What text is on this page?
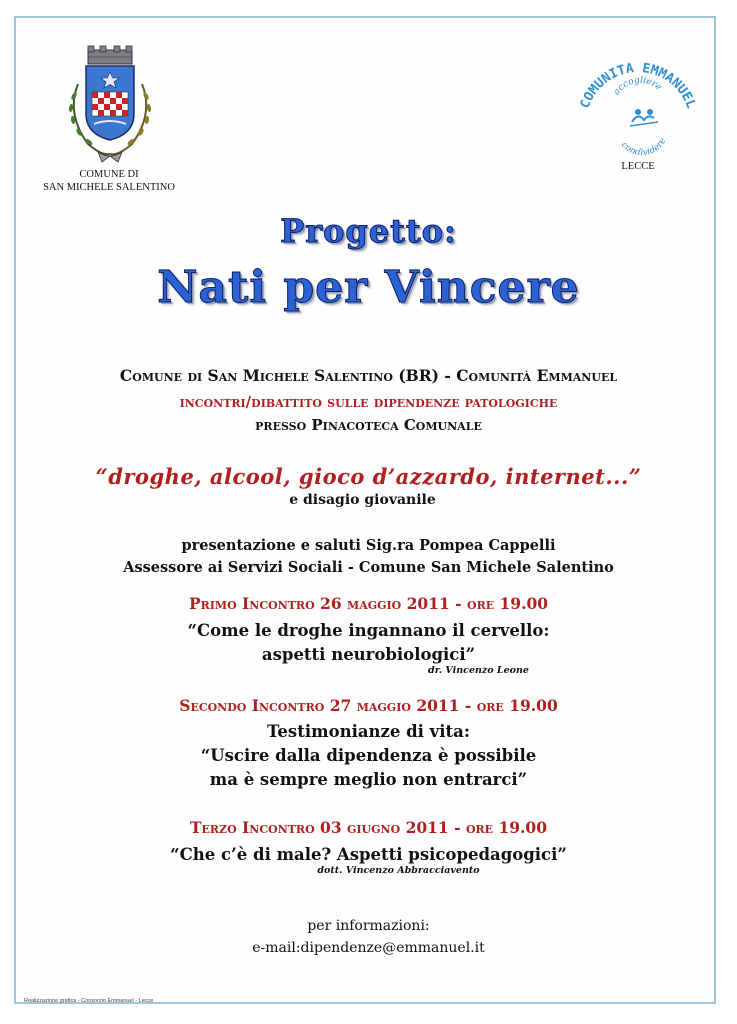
COMUNE DI
SAN MICHELE SALENTINO
COMUNITÀ EMMANUEL
accogliere
condividere
LECCE
Progetto:
Nati per Vincere
Comune di San Michele Salentino (BR) - Comunità Emmanuel
incontri/dibattito sulle dipendenze patologiche
presso Pinacoteca Comunale
“droghe, alcool, gioco d’azzardo, internet...”
e disagio giovanile
presentazione e saluti Sig.ra Pompea Cappelli
Assessore ai Servizi Sociali - Comune San Michele Salentino
Primo Incontro 26 maggio 2011 - ore 19.00
“Come le droghe ingannano il cervello:
aspetti neurobiologici”
dr. Vincenzo Leone
Secondo Incontro 27 maggio 2011 - ore 19.00
Testimonianze di vita:
“Uscire dalla dipendenza è possibile
ma è sempre meglio non entrarci”
Terzo Incontro 03 giugno 2011 - ore 19.00
“Che c’è di male? Aspetti psicopedagogici”
dott. Vincenzo Abbracciavento
per informazioni:
e-mail:dipendenze@emmanuel.it
Realizzazione grafica - Consorzio Emmanuel - Lecce
